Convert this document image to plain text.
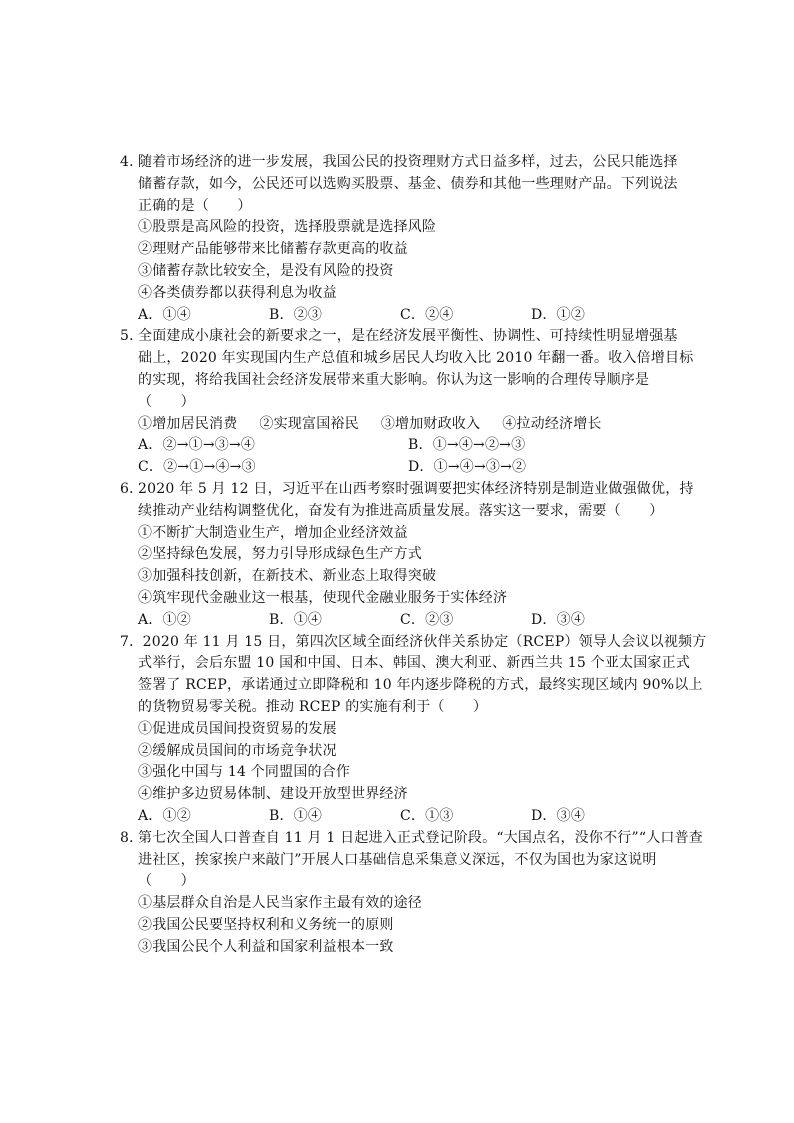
4．随着市场经济的进一步发展，我国公民的投资理财方式日益多样，过去，公民只能选择
储蓄存款，如今，公民还可以选购买股票、基金、债券和其他一些理财产品。下列说法
正确的是（　　）
①股票是高风险的投资，选择股票就是选择风险
②理财产品能够带来比储蓄存款更高的收益
③储蓄存款比较安全，是没有风险的投资
④各类债券都以获得利息为收益
A．①④	B．②③	C．②④	D．①②
5．全面建成小康社会的新要求之一，是在经济发展平衡性、协调性、可持续性明显增强基
础上，2020 年实现国内生产总值和城乡居民人均收入比 2010 年翻一番。收入倍增目标
的实现，将给我国社会经济发展带来重大影响。你认为这一影响的合理传导顺序是
（　　）
①增加居民消费 ②实现富国裕民 ③增加财政收入 ④拉动经济增长
A．②→①→③→④	B．①→④→②→③
C．②→①→④→③	D．①→④→③→②
6．2020 年 5 月 12 日，习近平在山西考察时强调要把实体经济特别是制造业做强做优，持
续推动产业结构调整优化，奋发有为推进高质量发展。落实这一要求，需要（　　）
①不断扩大制造业生产，增加企业经济效益
②坚持绿色发展，努力引导形成绿色生产方式
③加强科技创新，在新技术、新业态上取得突破
④筑牢现代金融业这一根基，使现代金融业服务于实体经济
A．①②	B．①④	C．②③	D．③④
7． 2020 年 11 月 15 日，第四次区域全面经济伙伴关系协定（RCEP）领导人会议以视频方
式举行，会后东盟 10 国和中国、日本、韩国、澳大利亚、新西兰共 15 个亚太国家正式
签署了 RCEP，承诺通过立即降税和 10 年内逐步降税的方式，最终实现区域内 90%以上
的货物贸易零关税。推动 RCEP 的实施有利于（　　）
①促进成员国间投资贸易的发展
②缓解成员国间的市场竞争状况
③强化中国与 14 个同盟国的合作
④维护多边贸易体制、建设开放型世界经济
A．①②	B．①④	C．①③	D．③④
8．第七次全国人口普查自 11 月 1 日起进入正式登记阶段。“大国点名，没你不行”“人口普查
进社区，挨家挨户来敲门”开展人口基础信息采集意义深远，不仅为国也为家这说明
（　　）
①基层群众自治是人民当家作主最有效的途径
②我国公民要坚持权利和义务统一的原则
③我国公民个人利益和国家利益根本一致
